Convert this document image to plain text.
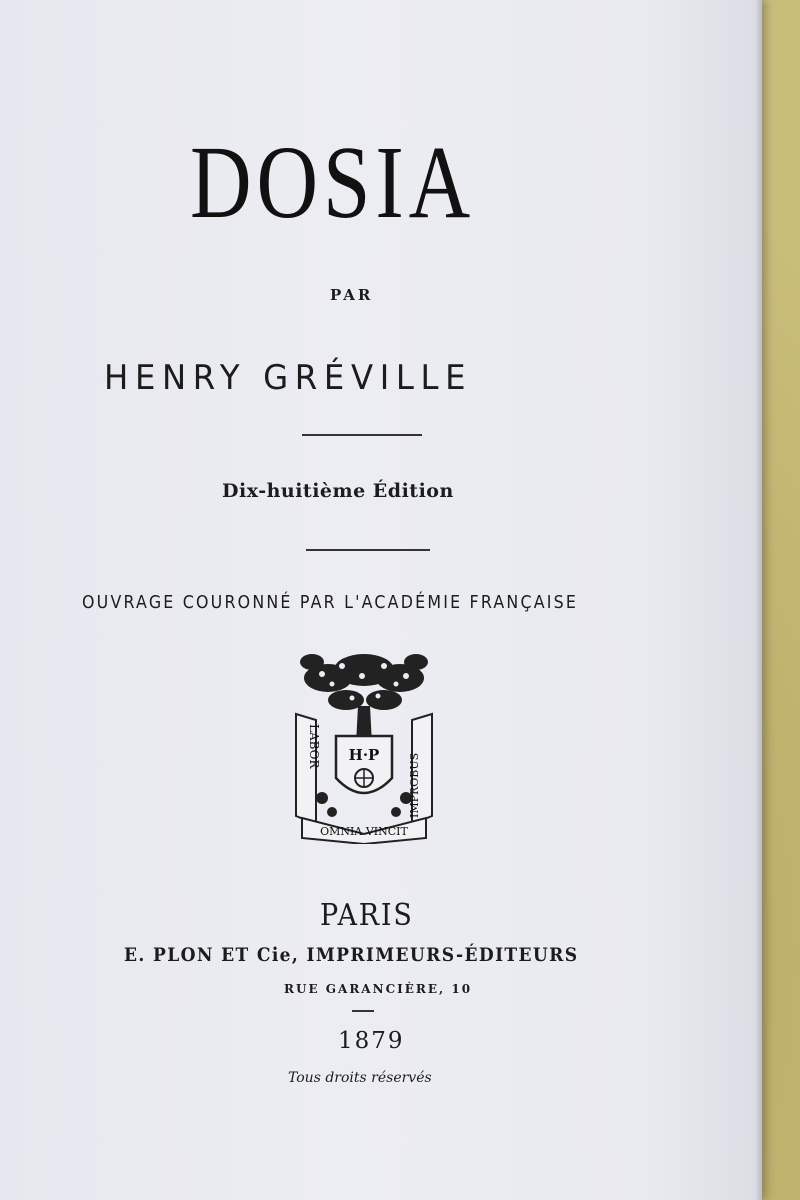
DOSIA
PAR
HENRY GRÉVILLE
Dix-huitième Édition
OUVRAGE COURONNÉ PAR L'ACADÉMIE FRANÇAISE
H·P
LABOR
IMPROBUS
OMNIA VINCIT
PARIS
E. PLON ET Cie, IMPRIMEURS-ÉDITEURS
RUE GARANCIÈRE, 10
1879
Tous droits réservés
